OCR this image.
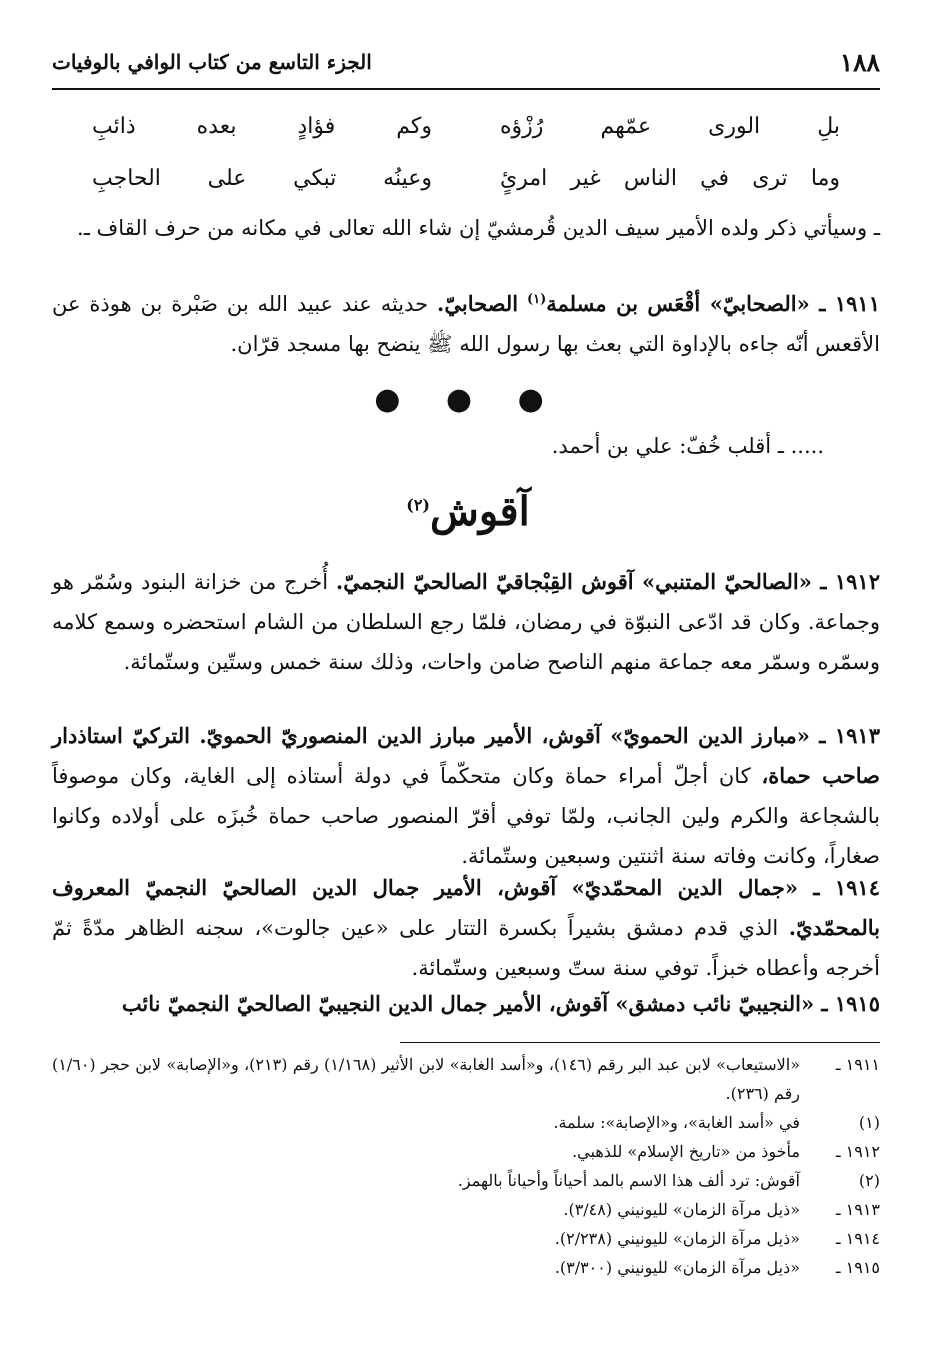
١٨٨
الجزء التاسع من كتاب الوافي بالوفيات
بلِ الورى عمّهم رُزْؤه
وكم فؤادٍ بعده ذائبِ
وما ترى في الناس غير امرئٍ
وعينُه تبكي على الحاجبِ
ـ وسيأتي ذكر ولده الأمير سيف الدين قُرمشيّ إن شاء الله تعالى في مكانه من حرف القاف ـ.
١٩١١ ـ «الصحابيّ» أقْعَس بن مسلمة$^{(١)}$ الصحابيّ. حديثه عند عبيد الله بن صَبْرة بن هوذة عن الأقعس أنّه جاءه بالإداوة التي بعث بها رسول الله ﷺ ينضح بها مسجد قرّان.
● ● ●
..... ـ أقلب خُفّ: علي بن أحمد.
آقوش$^{(٢)}$
١٩١٢ ـ «الصالحيّ المتنبي» آقوش القِبْجاقيّ الصالحيّ النجميّ. أُخرج من خزانة البنود وسُمّر هو وجماعة. وكان قد ادّعى النبوّة في رمضان، فلمّا رجع السلطان من الشام استحضره وسمع كلامه وسمّره وسمّر معه جماعة منهم الناصح ضامن واحات، وذلك سنة خمس وستّين وستّمائة.
١٩١٣ ـ «مبارز الدين الحمويّ» آقوش، الأمير مبارز الدين المنصوريّ الحمويّ. التركيّ استاذدار صاحب حماة، كان أجلّ أمراء حماة وكان متحكّماً في دولة أستاذه إلى الغاية، وكان موصوفاً بالشجاعة والكرم ولين الجانب، ولمّا توفي أقرّ المنصور صاحب حماة خُبزَه على أولاده وكانوا صغاراً، وكانت وفاته سنة اثنتين وسبعين وستّمائة.
١٩١٤ ـ «جمال الدين المحمّديّ» آقوش، الأمير جمال الدين الصالحيّ النجميّ المعروف بالمحمّديّ. الذي قدم دمشق بشيراً بكسرة التتار على «عين جالوت»، سجنه الظاهر مدّةً ثمّ أخرجه وأعطاه خبزاً. توفي سنة ستّ وسبعين وستّمائة.
١٩١٥ ـ «النجيبيّ نائب دمشق» آقوش، الأمير جمال الدين النجيبيّ الصالحيّ النجميّ نائب
١٩١١ ـ
«الاستيعاب» لابن عبد البر رقم (١٤٦)، و«أسد الغابة» لابن الأثير (١/١٦٨) رقم (٢١٣)، و«الإصابة» لابن حجر (١/٦٠) رقم (٢٣٦).
(١)
في «أسد الغابة»، و«الإصابة»: سلمة.
١٩١٢ ـ
مأخوذ من «تاريخ الإسلام» للذهبي.
(٢)
آقوش: ترد ألف هذا الاسم بالمد أحياناً وأحياناً بالهمز.
١٩١٣ ـ
«ذيل مرآة الزمان» لليونيني (٣/٤٨).
١٩١٤ ـ
«ذيل مرآة الزمان» لليونيني (٢/٢٣٨).
١٩١٥ ـ
«ذيل مرآة الزمان» لليونيني (٣/٣٠٠).
